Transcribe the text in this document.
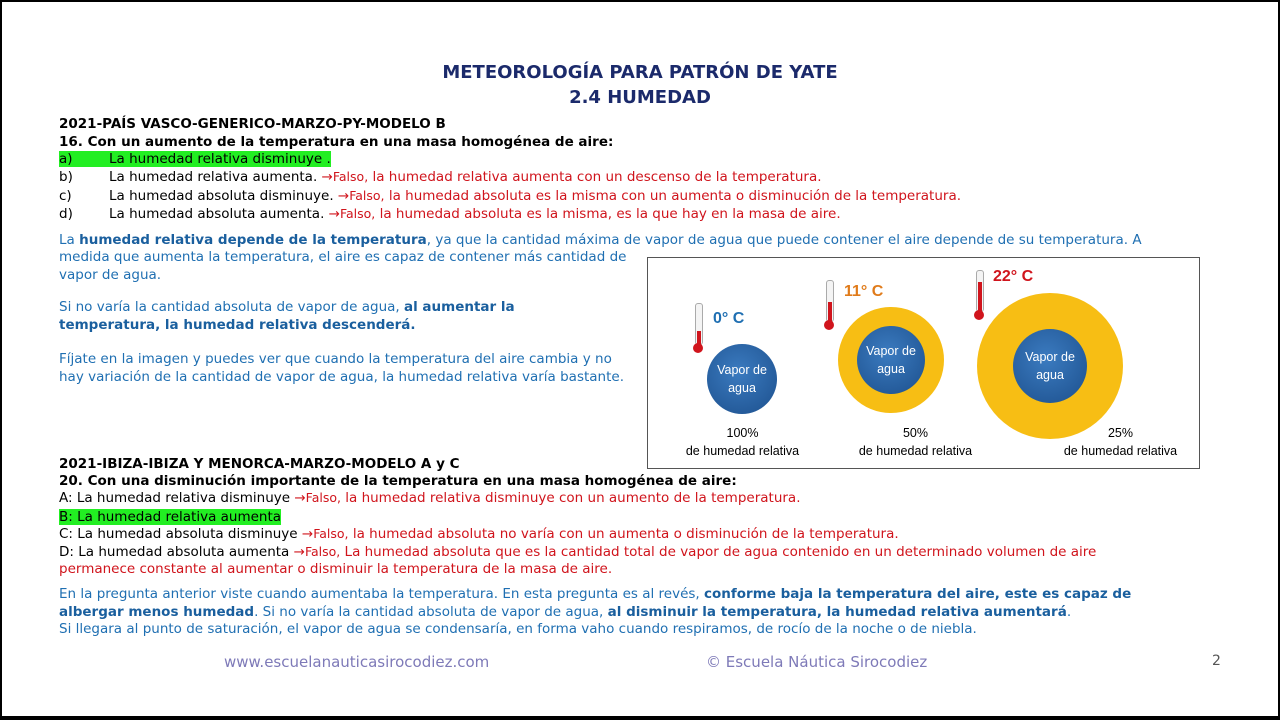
METEOROLOGÍA PARA PATRÓN DE YATE
2.4 HUMEDAD
2021-PAÍS VASCO-GENERICO-MARZO-PY-MODELO B
16. Con un aumento de la temperatura en una masa homogénea de aire:
a)	La humedad relativa disminuye .
b)	La humedad relativa aumenta. →Falso, la humedad relativa aumenta con un descenso de la temperatura.
c)	La humedad absoluta disminuye. →Falso, la humedad absoluta es la misma con un aumenta o disminución de la temperatura.
d)	La humedad absoluta aumenta. →Falso, la humedad absoluta es la misma, es la que hay en la masa de aire.
La humedad relativa depende de la temperatura, ya que la cantidad máxima de vapor de agua que puede contener el aire depende de su temperatura. A
medida que aumenta la temperatura, el aire es capaz de contener más cantidad de vapor de agua.
Si no varía la cantidad absoluta de vapor de agua, al aumentar la temperatura, la humedad relativa descenderá.
Fíjate en la imagen y puedes ver que cuando la temperatura del aire cambia y no hay variación de la cantidad de vapor de agua, la humedad relativa varía bastante.
0° C
Vapor de agua
100%
de humedad relativa
11° C
Vapor de agua
50%
de humedad relativa
22° C
Vapor de agua
25%
de humedad relativa
2021-IBIZA-IBIZA Y MENORCA-MARZO-MODELO A y C
20. Con una disminución importante de la temperatura en una masa homogénea de aire:
A: La humedad relativa disminuye →Falso, la humedad relativa disminuye con un aumento de la temperatura.
B: La humedad relativa aumenta
C: La humedad absoluta disminuye →Falso, la humedad absoluta no varía con un aumenta o disminución de la temperatura.
D: La humedad absoluta aumenta →Falso, La humedad absoluta que es la cantidad total de vapor de agua contenido en un determinado volumen de aire
permanece constante al aumentar o disminuir la temperatura de la masa de aire.
En la pregunta anterior viste cuando aumentaba la temperatura. En esta pregunta es al revés, conforme baja la temperatura del aire, este es capaz de albergar menos humedad. Si no varía la cantidad absoluta de vapor de agua, al disminuir la temperatura, la humedad relativa aumentará.
Si llegara al punto de saturación, el vapor de agua se condensaría, en forma vaho cuando respiramos, de rocío de la noche o de niebla.
www.escuelanauticasirocodiez.com	© Escuela Náutica Sirocodiez	2
